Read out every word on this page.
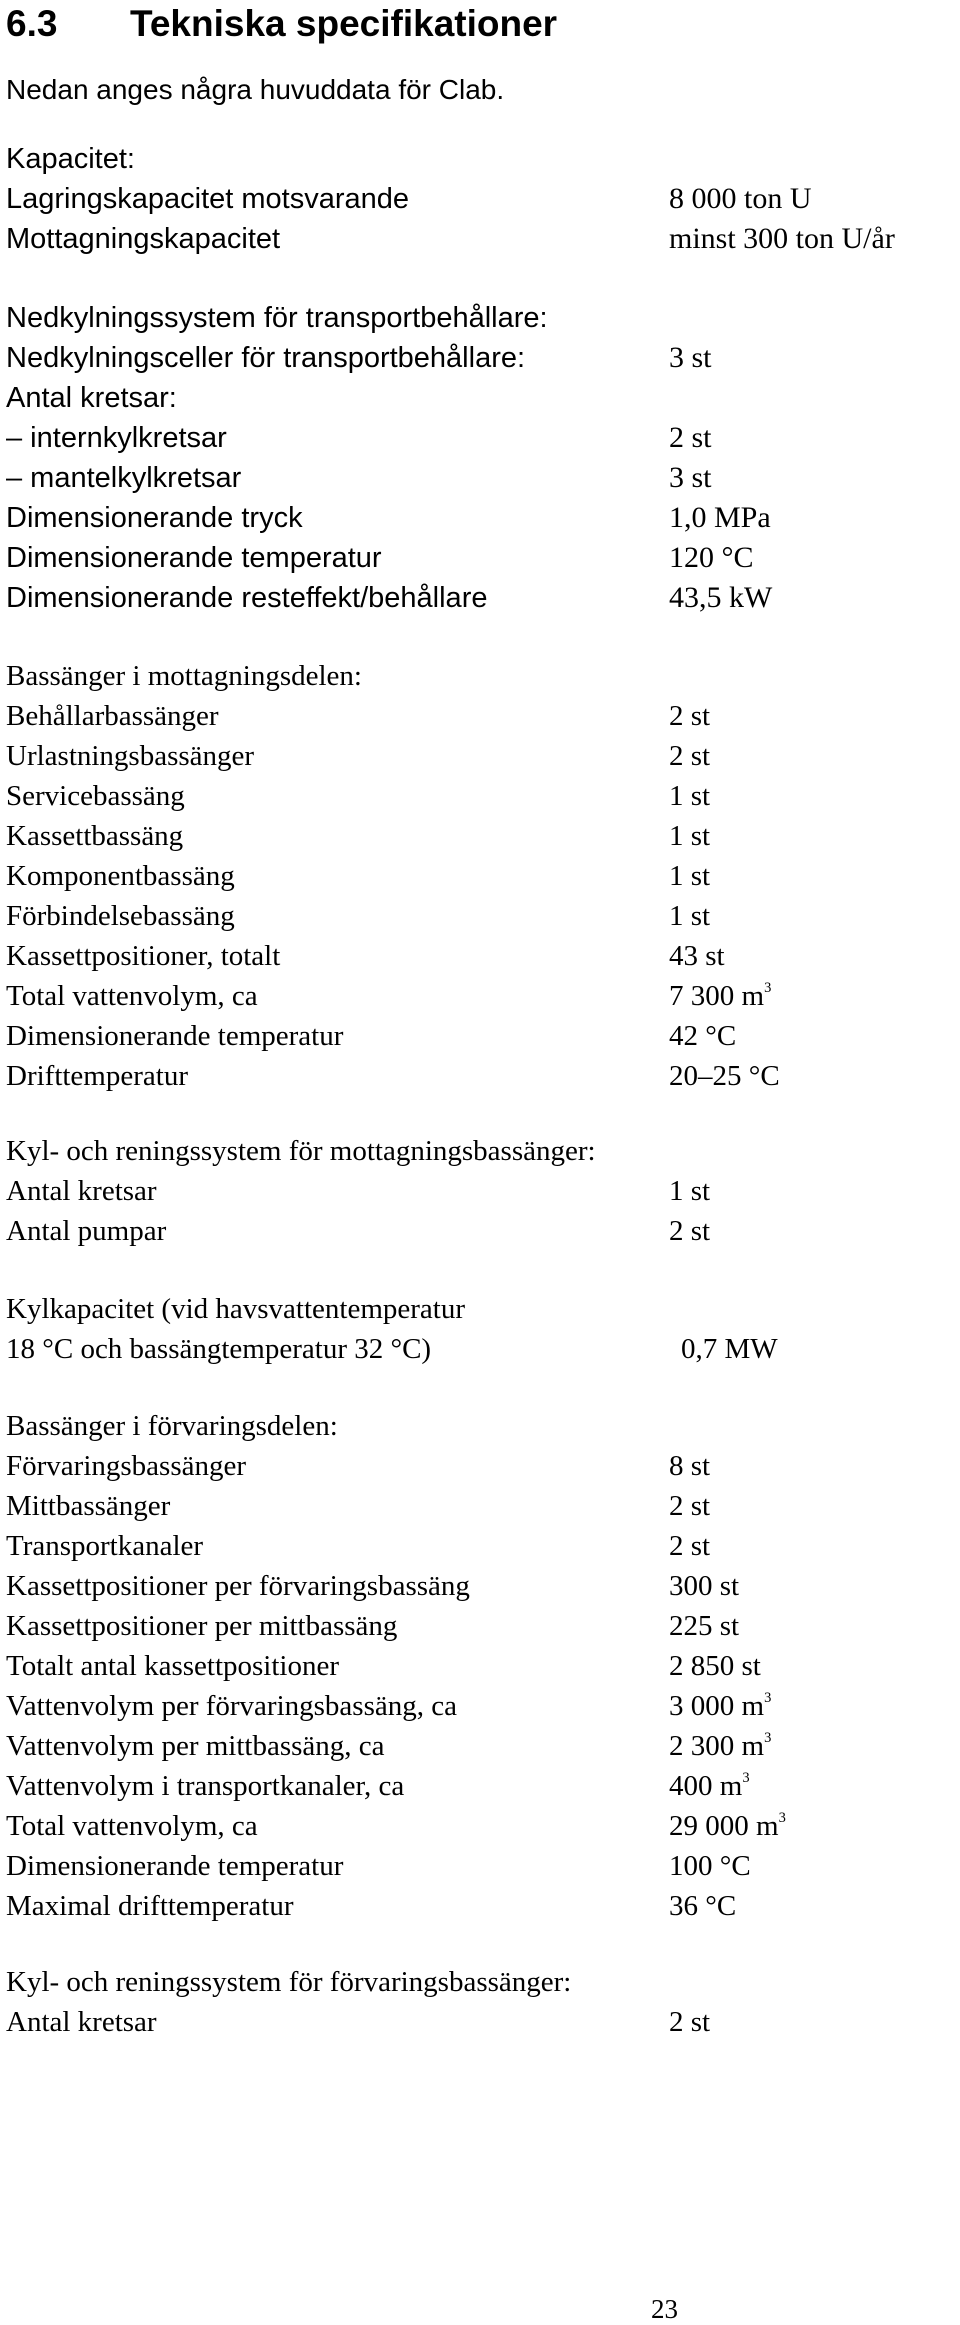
6.3 Tekniska specifikationer
Nedan anges några huvuddata för Clab.
Kapacitet:
Lagringskapacitet motsvarande	8 000 ton U
Mottagningskapacitet	minst 300 ton U/år
Nedkylningssystem för transportbehållare:
Nedkylningsceller för transportbehållare:	3 st
Antal kretsar:
– internkylkretsar	2 st
– mantelkylkretsar	3 st
Dimensionerande tryck	1,0 MPa
Dimensionerande temperatur	120 °C
Dimensionerande resteffekt/behållare	43,5 kW
Bassänger i mottagningsdelen:
Behållarbassänger	2 st
Urlastningsbassänger	2 st
Servicebassäng	1 st
Kassettbassäng	1 st
Komponentbassäng	1 st
Förbindelsebassäng	1 st
Kassettpositioner, totalt	43 st
Total vattenvolym, ca	7 300 $m^3$
Dimensionerande temperatur	42 °C
Drifttemperatur	20–25 °C
Kyl- och reningssystem för mottagningsbassänger:
Antal kretsar	1 st
Antal pumpar	2 st
Kylkapacitet (vid havsvattentemperatur
18 °C och bassängtemperatur 32 °C)	0,7 MW
Bassänger i förvaringsdelen:
Förvaringsbassänger	8 st
Mittbassänger	2 st
Transportkanaler	2 st
Kassettpositioner per förvaringsbassäng	300 st
Kassettpositioner per mittbassäng	225 st
Totalt antal kassettpositioner	2 850 st
Vattenvolym per förvaringsbassäng, ca	3 000 $m^3$
Vattenvolym per mittbassäng, ca	2 300 $m^3$
Vattenvolym i transportkanaler, ca	400 $m^3$
Total vattenvolym, ca	29 000 $m^3$
Dimensionerande temperatur	100 °C
Maximal drifttemperatur	36 °C
Kyl- och reningssystem för förvaringsbassänger:
Antal kretsar	2 st
23
